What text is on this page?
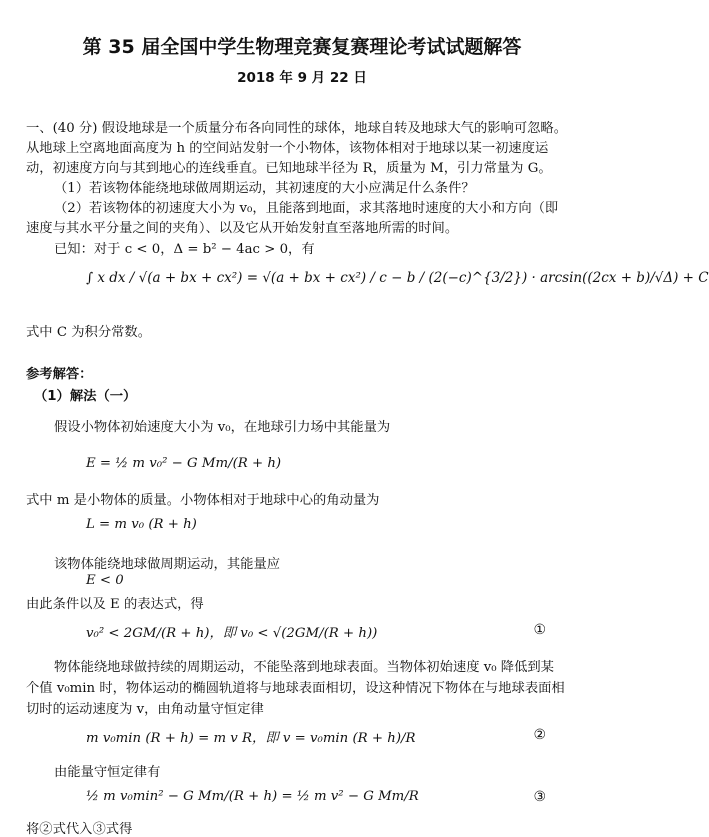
第 35 届全国中学生物理竞赛复赛理论考试试题解答
2018 年 9 月 22 日
一、(40 分) 假设地球是一个质量分布各向同性的球体，地球自转及地球大气的影响可忽略。
从地球上空离地面高度为 h 的空间站发射一个小物体，该物体相对于地球以某一初速度运
动，初速度方向与其到地心的连线垂直。已知地球半径为 R，质量为 M，引力常量为 G。
（1）若该物体能绕地球做周期运动，其初速度的大小应满足什么条件？
（2）若该物体的初速度大小为 v₀，且能落到地面，求其落地时速度的大小和方向（即
速度与其水平分量之间的夹角）、以及它从开始发射直至落地所需的时间。
已知：对于 c < 0，Δ = b² − 4ac > 0，有
∫ x dx / √(a + bx + cx²) = √(a + bx + cx²) / c − b / (2(−c)^{3/2}) · arcsin((2cx + b)/√Δ) + C
式中 C 为积分常数。
参考解答：
（1）解法（一）
假设小物体初始速度大小为 v₀，在地球引力场中其能量为
E = ½ m v₀² − G Mm/(R + h)
式中 m 是小物体的质量。小物体相对于地球中心的角动量为
L = m v₀ (R + h)
该物体能绕地球做周期运动，其能量应
E < 0
由此条件以及 E 的表达式，得
v₀² < 2GM/(R + h)，即 v₀ < √(2GM/(R + h))	①
物体能绕地球做持续的周期运动，不能坠落到地球表面。当物体初始速度 v₀ 降低到某
个值 v₀min 时，物体运动的椭圆轨道将与地球表面相切，设这种情况下物体在与地球表面相
切时的运动速度为 v，由角动量守恒定律
m v₀min (R + h) = m v R，即 v = v₀min (R + h)/R	②
由能量守恒定律有
½ m v₀min² − G Mm/(R + h) = ½ m v² − G Mm/R	③
将②式代入③式得
